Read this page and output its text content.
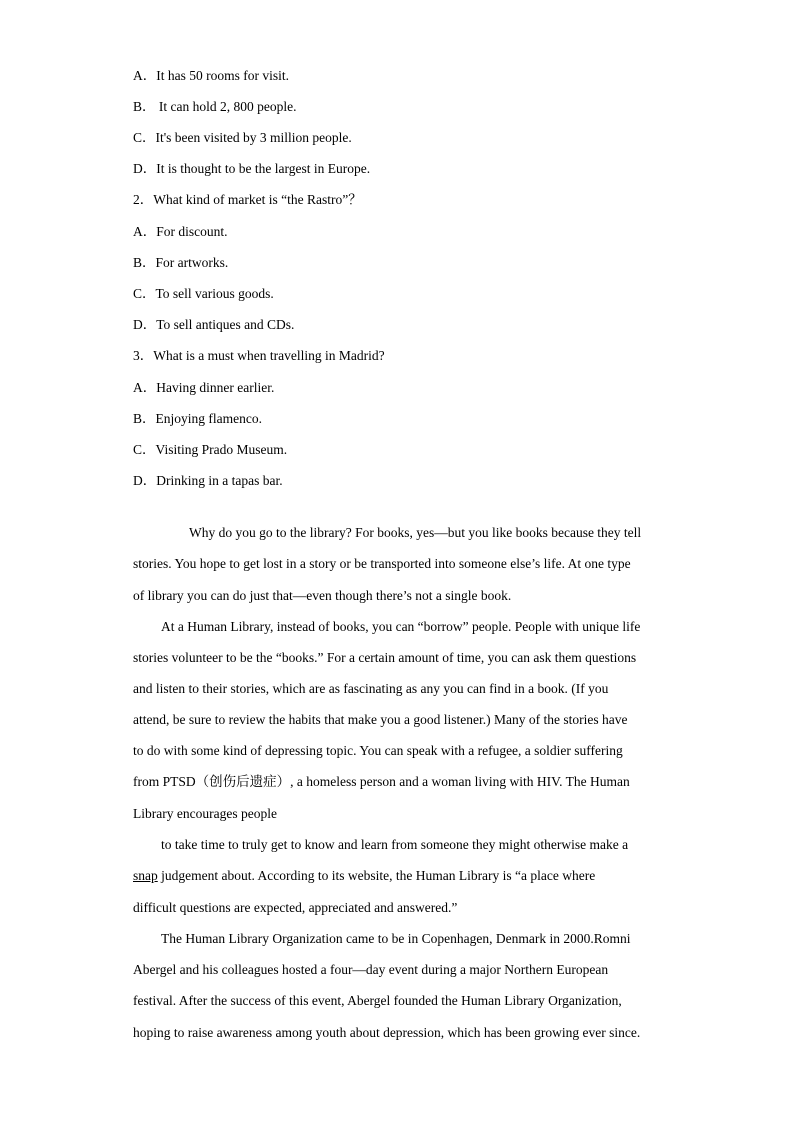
A．It has 50 rooms for visit.
B． It can hold 2, 800 people.
C．It's been visited by 3 million people.
D．It is thought to be the largest in Europe.
2．What kind of market is “the Rastro”？
A．For discount.
B．For artworks.
C．To sell various goods.
D．To sell antiques and CDs.
3．What is a must when travelling in Madrid?
A．Having dinner earlier.
B．Enjoying flamenco.
C．Visiting Prado Museum.
D．Drinking in a tapas bar.
Why do you go to the library? For books, yes—but you like books because they tell
stories. You hope to get lost in a story or be transported into someone else’s life. At one type
of library you can do just that—even though there’s not a single book.
At a Human Library, instead of books, you can “borrow” people. People with unique life
stories volunteer to be the “books.” For a certain amount of time, you can ask them questions
and listen to their stories, which are as fascinating as any you can find in a book. (If you
attend, be sure to review the habits that make you a good listener.) Many of the stories have
to do with some kind of depressing topic. You can speak with a refugee, a soldier suffering
from PTSD（创伤后遗症）, a homeless person and a woman living with HIV. The Human
Library encourages people
to take time to truly get to know and learn from someone they might otherwise make a
snap judgement about. According to its website, the Human Library is “a place where
difficult questions are expected, appreciated and answered.”
The Human Library Organization came to be in Copenhagen, Denmark in 2000.Romni
Abergel and his colleagues hosted a four—day event during a major Northern European
festival. After the success of this event, Abergel founded the Human Library Organization,
hoping to raise awareness among youth about depression, which has been growing ever since.
